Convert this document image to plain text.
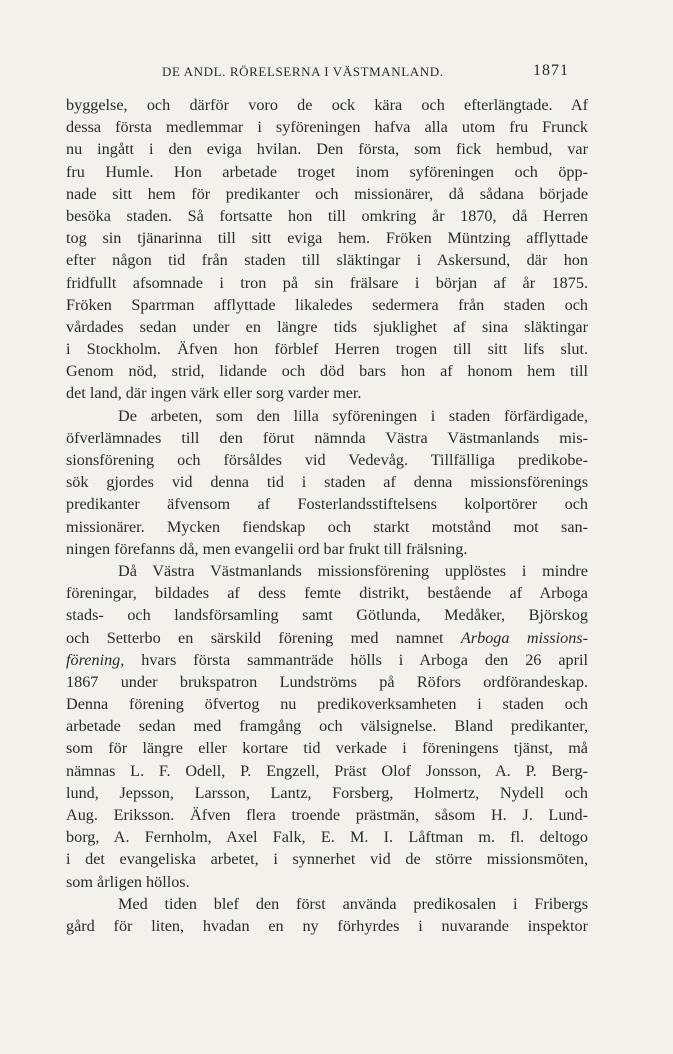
DE ANDL. RÖRELSERNA I VÄSTMANLAND.	1871
byggelse, och därför voro de ock kära och efterlängtade. Af
dessa första medlemmar i syföreningen hafva alla utom fru Frunck
nu ingått i den eviga hvilan. Den första, som fick hembud, var
fru Humle. Hon arbetade troget inom syföreningen och öpp-
nade sitt hem för predikanter och missionärer, då sådana började
besöka staden. Så fortsatte hon till omkring år 1870, då Herren
tog sin tjänarinna till sitt eviga hem. Fröken Müntzing afflyttade
efter någon tid från staden till släktingar i Askersund, där hon
fridfullt afsomnade i tron på sin frälsare i början af år 1875.
Fröken Sparrman afflyttade likaledes sedermera från staden och
vårdades sedan under en längre tids sjuklighet af sina släktingar
i Stockholm. Äfven hon förblef Herren trogen till sitt lifs slut.
Genom nöd, strid, lidande och död bars hon af honom hem till
det land, där ingen värk eller sorg varder mer.
De arbeten, som den lilla syföreningen i staden förfärdigade,
öfverlämnades till den förut nämnda Västra Västmanlands mis-
sionsförening och försåldes vid Vedevåg. Tillfälliga predikobe-
sök gjordes vid denna tid i staden af denna missionsförenings
predikanter äfvensom af Fosterlandsstiftelsens kolportörer och
missionärer. Mycken fiendskap och starkt motstånd mot san-
ningen förefanns då, men evangelii ord bar frukt till frälsning.
Då Västra Västmanlands missionsförening upplöstes i mindre
föreningar, bildades af dess femte distrikt, bestående af Arboga
stads- och landsförsamling samt Götlunda, Medåker, Björskog
och Setterbo en särskild förening med namnet Arboga missions-
förening, hvars första sammanträde hölls i Arboga den 26 april
1867 under brukspatron Lundströms på Röfors ordförandeskap.
Denna förening öfvertog nu predikoverksamheten i staden och
arbetade sedan med framgång och välsignelse. Bland predikanter,
som för längre eller kortare tid verkade i föreningens tjänst, må
nämnas L. F. Odell, P. Engzell, Präst Olof Jonsson, A. P. Berg-
lund, Jepsson, Larsson, Lantz, Forsberg, Holmertz, Nydell och
Aug. Eriksson. Äfven flera troende prästmän, såsom H. J. Lund-
borg, A. Fernholm, Axel Falk, E. M. I. Låftman m. fl. deltogo
i det evangeliska arbetet, i synnerhet vid de större missionsmöten,
som årligen höllos.
Med tiden blef den först använda predikosalen i Fribergs
gård för liten, hvadan en ny förhyrdes i nuvarande inspektor
